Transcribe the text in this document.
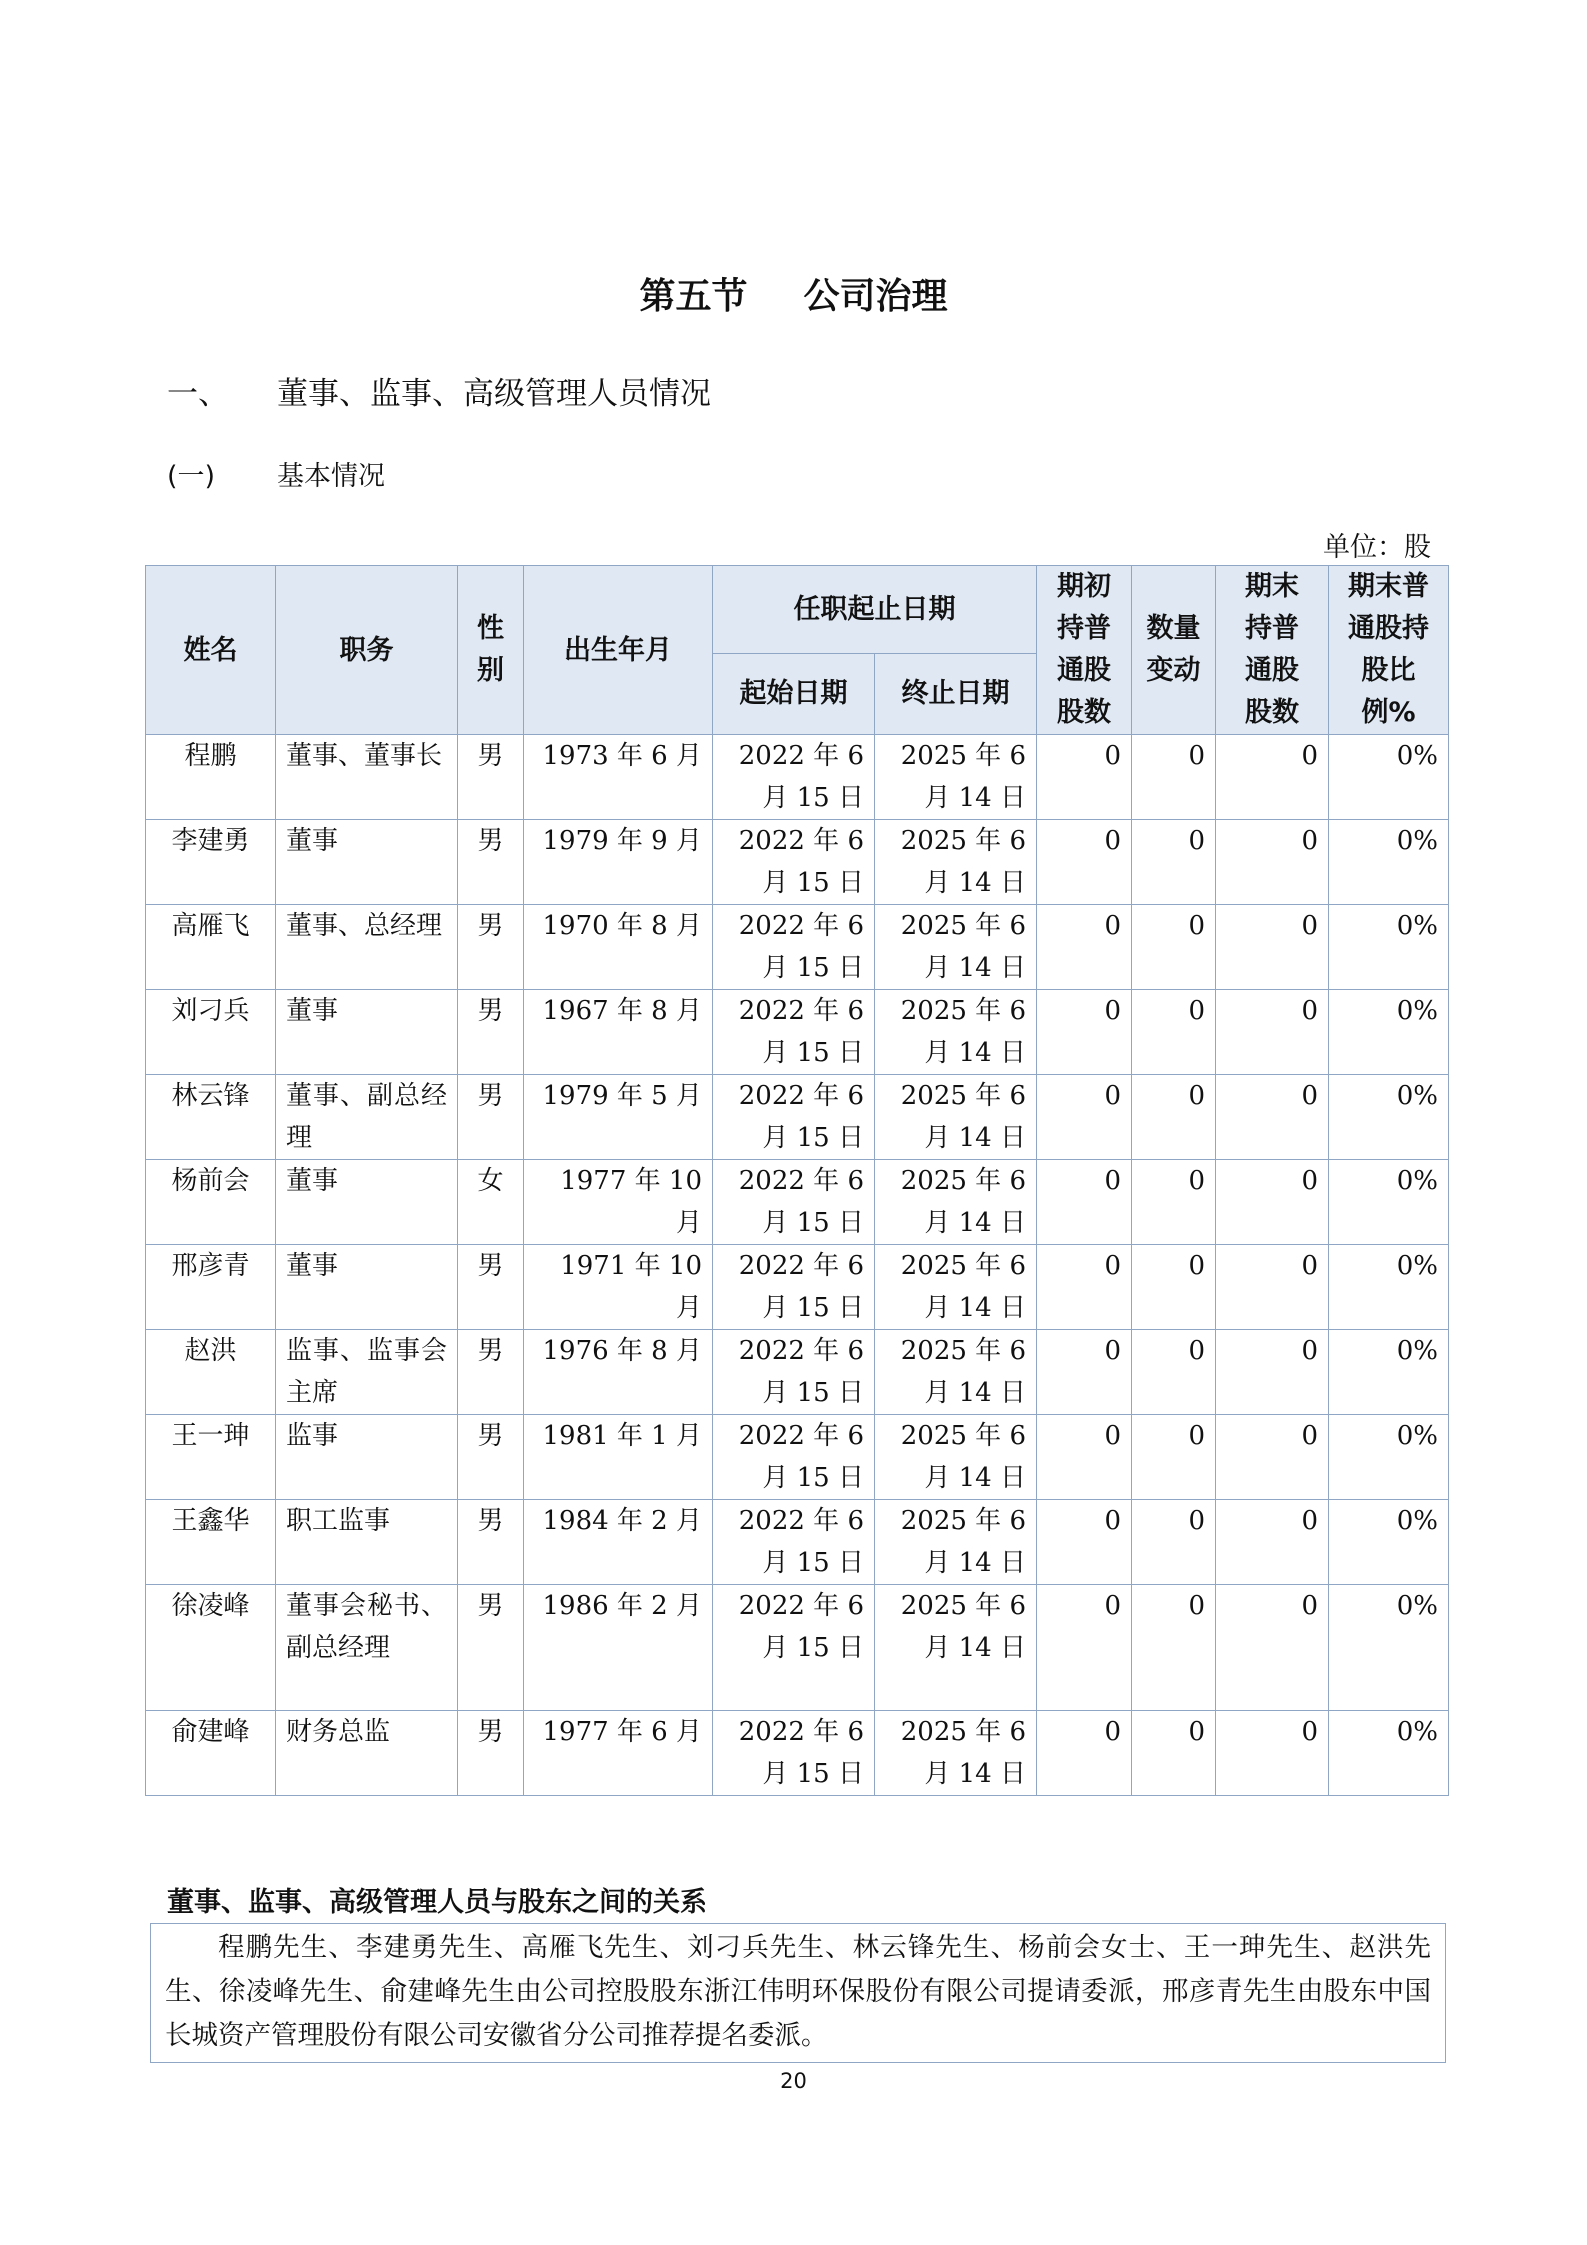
第五节 公司治理
一、 董事、监事、高级管理人员情况
(一) 基本情况
单位：股
姓名	职务	性别	出生年月	任职起止日期		期初持普通股股数	数量变动	期末持普通股股数	期末普通股持股比例%
				起始日期	终止日期				
程鹏	董事、董事长	男	1973 年 6 月	2022 年 6 月 15 日	2025 年 6 月 14 日	0	0	0	0%
李建勇	董事	男	1979 年 9 月	2022 年 6 月 15 日	2025 年 6 月 14 日	0	0	0	0%
高雁飞	董事、总经理	男	1970 年 8 月	2022 年 6 月 15 日	2025 年 6 月 14 日	0	0	0	0%
刘刁兵	董事	男	1967 年 8 月	2022 年 6 月 15 日	2025 年 6 月 14 日	0	0	0	0%
林云锋	董事、副总经理	男	1979 年 5 月	2022 年 6 月 15 日	2025 年 6 月 14 日	0	0	0	0%
杨前会	董事	女	1977 年 10 月	2022 年 6 月 15 日	2025 年 6 月 14 日	0	0	0	0%
邢彦青	董事	男	1971 年 10 月	2022 年 6 月 15 日	2025 年 6 月 14 日	0	0	0	0%
赵洪	监事、监事会主席	男	1976 年 8 月	2022 年 6 月 15 日	2025 年 6 月 14 日	0	0	0	0%
王一珅	监事	男	1981 年 1 月	2022 年 6 月 15 日	2025 年 6 月 14 日	0	0	0	0%
王鑫华	职工监事	男	1984 年 2 月	2022 年 6 月 15 日	2025 年 6 月 14 日	0	0	0	0%
徐凌峰	董事会秘书、副总经理	男	1986 年 2 月	2022 年 6 月 15 日	2025 年 6 月 14 日	0	0	0	0%
俞建峰	财务总监	男	1977 年 6 月	2022 年 6 月 15 日	2025 年 6 月 14 日	0	0	0	0%
董事、监事、高级管理人员与股东之间的关系
程鹏先生、李建勇先生、高雁飞先生、刘刁兵先生、林云锋先生、杨前会女士、王一珅先生、赵洪先生、徐凌峰先生、俞建峰先生由公司控股股东浙江伟明环保股份有限公司提请委派，邢彦青先生由股东中国长城资产管理股份有限公司安徽省分公司推荐提名委派。
20
